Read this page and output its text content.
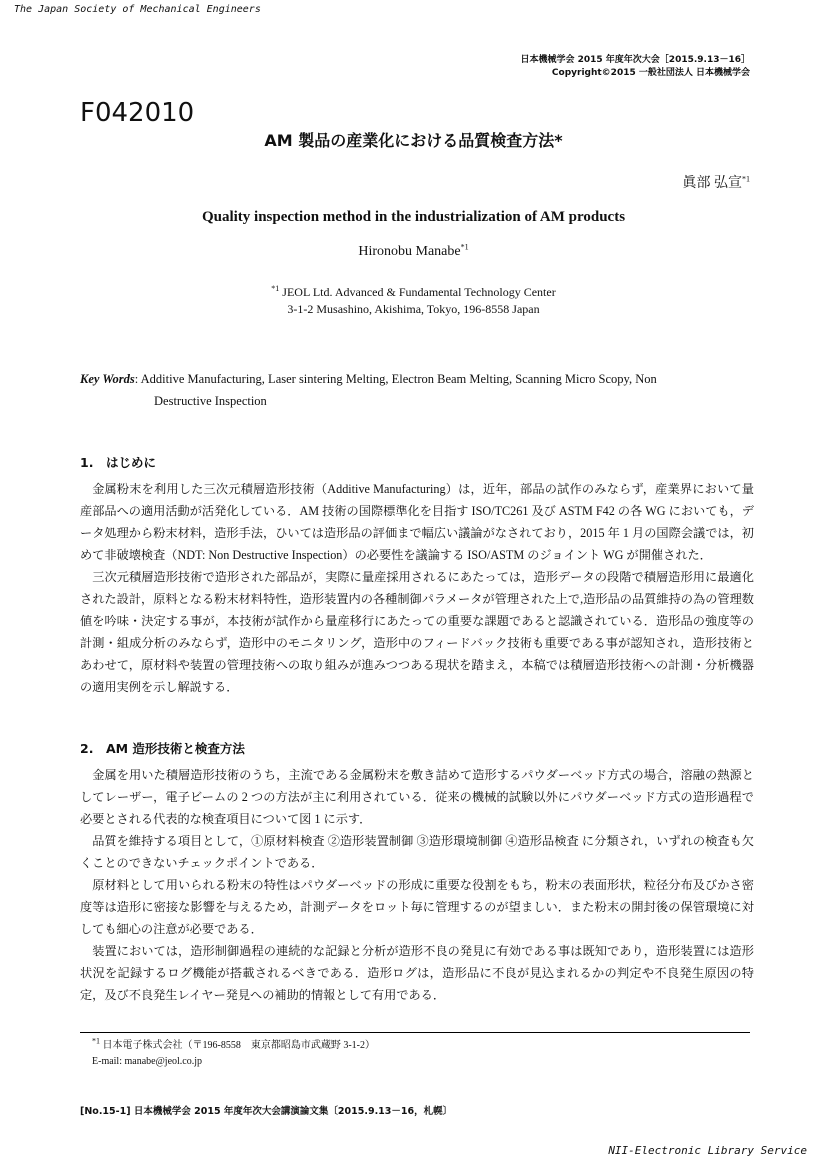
The Japan Society of Mechanical Engineers
日本機械学会 2015 年度年次大会［2015.9.13－16］
Copyright©2015 一般社団法人 日本機械学会
F042010
AM 製品の産業化における品質検査方法*
眞部 弘宣$^{*1}$
Quality inspection method in the industrialization of AM products
Hironobu Manabe$^{*1}$
$^{*1}$ JEOL Ltd. Advanced & Fundamental Technology Center
3-1-2 Musashino, Akishima, Tokyo, 196-8558 Japan
Key Words: Additive Manufacturing, Laser sintering Melting, Electron Beam Melting, Scanning Micro Scopy, Non
Destructive Inspection
1.　はじめに

金属粉末を利用した三次元積層造形技術（Additive Manufacturing）は，近年，部品の試作のみならず，産業界において量産部品への適用活動が活発化している．AM 技術の国際標準化を目指す ISO/TC261 及び ASTM F42 の各 WG においても，データ処理から粉末材料，造形手法，ひいては造形品の評価まで幅広い議論がなされており，2015 年 1 月の国際会議では，初めて非破壊検査（NDT: Non Destructive Inspection）の必要性を議論する ISO/ASTM のジョイント WG が開催された．

三次元積層造形技術で造形された部品が，実際に量産採用されるにあたっては，造形データの段階で積層造形用に最適化された設計，原料となる粉末材料特性，造形装置内の各種制御パラメータが管理された上で,造形品の品質維持の為の管理数値を吟味・決定する事が，本技術が試作から量産移行にあたっての重要な課題であると認識されている．造形品の強度等の計測・組成分析のみならず，造形中のモニタリング，造形中のフィードバック技術も重要である事が認知され，造形技術とあわせて，原材料や装置の管理技術への取り組みが進みつつある現状を踏まえ，本稿では積層造形技術への計測・分析機器の適用実例を示し解説する．

2.　AM 造形技術と検査方法

金属を用いた積層造形技術のうち，主流である金属粉末を敷き詰めて造形するパウダーベッド方式の場合，溶融の熱源としてレーザー，電子ビームの 2 つの方法が主に利用されている．従来の機械的試験以外にパウダーベッド方式の造形過程で必要とされる代表的な検査項目について図 1 に示す．

品質を維持する項目として，①原材料検査 ②造形装置制御 ③造形環境制御 ④造形品検査 に分類され，いずれの検査も欠くことのできないチェックポイントである．

原材料として用いられる粉末の特性はパウダーベッドの形成に重要な役割をもち，粉末の表面形状，粒径分布及びかさ密度等は造形に密接な影響を与えるため，計測データをロット毎に管理するのが望ましい．また粉末の開封後の保管環境に対しても細心の注意が必要である．

装置においては，造形制御過程の連続的な記録と分析が造形不良の発見に有効である事は既知であり，造形装置には造形状況を記録するログ機能が搭載されるべきである．造形ログは，造形品に不良が見込まれるかの判定や不良発生原因の特定，及び不良発生レイヤー発見への補助的情報として有用である．

$^{*1}$ 日本電子株式会社（〒196-8558　東京都昭島市武蔵野 3-1-2）
E-mail: manabe@jeol.co.jp
[No.15-1] 日本機械学会 2015 年度年次大会講演論文集〔2015.9.13－16，札幌〕
NII-Electronic Library Service
